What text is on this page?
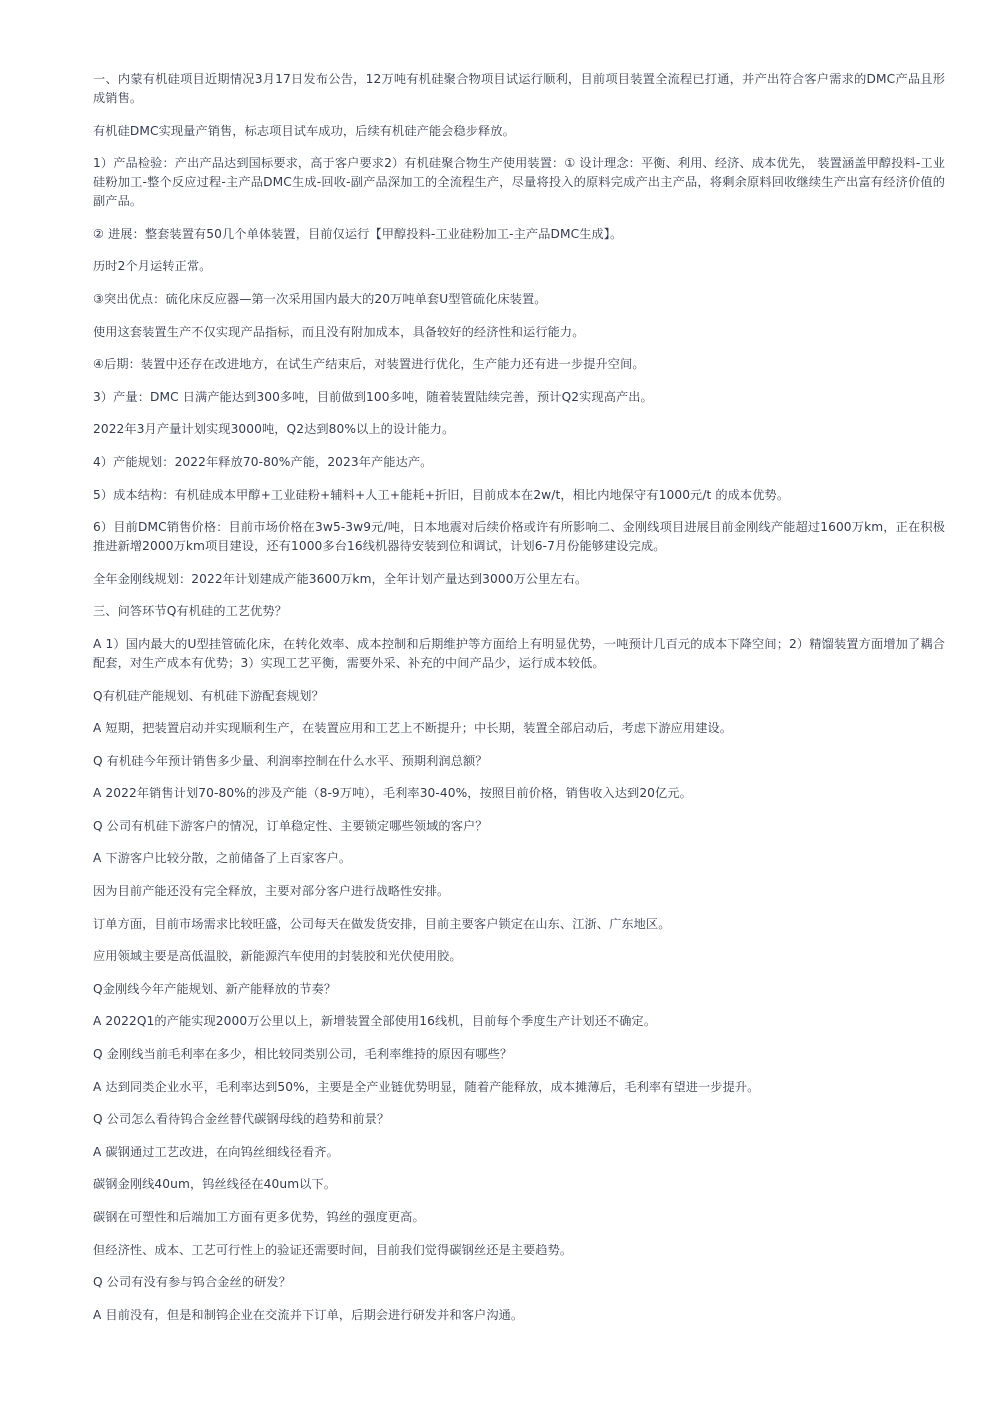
一、内蒙有机硅项目近期情况3月17日发布公告，12万吨有机硅聚合物项目试运行顺利，目前项目装置全流程已打通，并产出符合客户需求的DMC产品且形成销售。

有机硅DMC实现量产销售，标志项目试车成功，后续有机硅产能会稳步释放。

1）产品检验：产出产品达到国标要求，高于客户要求2）有机硅聚合物生产使用装置：① 设计理念：平衡、利用、经济、成本优先， 装置涵盖甲醇投料-工业硅粉加工-整个反应过程-主产品DMC生成-回收-副产品深加工的全流程生产，尽量将投入的原料完成产出主产品，将剩余原料回收继续生产出富有经济价值的副产品。

② 进展：整套装置有50几个单体装置，目前仅运行【甲醇投料-工业硅粉加工-主产品DMC生成】。

历时2个月运转正常。

③突出优点：硫化床反应器—第一次采用国内最大的20万吨单套U型管硫化床装置。

使用这套装置生产不仅实现产品指标，而且没有附加成本，具备较好的经济性和运行能力。

④后期：装置中还存在改进地方，在试生产结束后，对装置进行优化，生产能力还有进一步提升空间。

3）产量：DMC 日满产能达到300多吨，目前做到100多吨，随着装置陆续完善，预计Q2实现高产出。

2022年3月产量计划实现3000吨，Q2达到80%以上的设计能力。

4）产能规划：2022年释放70-80%产能，2023年产能达产。

5）成本结构：有机硅成本甲醇+工业硅粉+辅料+人工+能耗+折旧，目前成本在2w/t，相比内地保守有1000元/t 的成本优势。

6）目前DMC销售价格：目前市场价格在3w5-3w9元/吨，日本地震对后续价格或许有所影响二、金刚线项目进展目前金刚线产能超过1600万km，正在积极推进新增2000万km项目建设，还有1000多台16线机器待安装到位和调试，计划6-7月份能够建设完成。

全年金刚线规划：2022年计划建成产能3600万km，全年计划产量达到3000万公里左右。

三、问答环节Q有机硅的工艺优势？

A 1）国内最大的U型挂管硫化床，在转化效率、成本控制和后期维护等方面给上有明显优势，一吨预计几百元的成本下降空间；2）精馏装置方面增加了耦合配套，对生产成本有优势；3）实现工艺平衡，需要外采、补充的中间产品少，运行成本较低。

Q有机硅产能规划、有机硅下游配套规划？

A 短期，把装置启动并实现顺利生产，在装置应用和工艺上不断提升；中长期，装置全部启动后，考虑下游应用建设。

Q 有机硅今年预计销售多少量、利润率控制在什么水平、预期利润总额？

A 2022年销售计划70-80%的涉及产能（8-9万吨），毛利率30-40%，按照目前价格，销售收入达到20亿元。

Q 公司有机硅下游客户的情况，订单稳定性、主要锁定哪些领域的客户？

A 下游客户比较分散，之前储备了上百家客户。

因为目前产能还没有完全释放，主要对部分客户进行战略性安排。

订单方面，目前市场需求比较旺盛，公司每天在做发货安排，目前主要客户锁定在山东、江浙、广东地区。

应用领域主要是高低温胶，新能源汽车使用的封装胶和光伏使用胶。

Q金刚线今年产能规划、新产能释放的节奏？

A 2022Q1的产能实现2000万公里以上，新增装置全部使用16线机，目前每个季度生产计划还不确定。

Q 金刚线当前毛利率在多少，相比较同类别公司，毛利率维持的原因有哪些？

A 达到同类企业水平，毛利率达到50%，主要是全产业链优势明显，随着产能释放，成本摊薄后，毛利率有望进一步提升。

Q 公司怎么看待钨合金丝替代碳钢母线的趋势和前景？

A 碳钢通过工艺改进，在向钨丝细线径看齐。

碳钢金刚线40um，钨丝线径在40um以下。

碳钢在可塑性和后端加工方面有更多优势，钨丝的强度更高。

但经济性、成本、工艺可行性上的验证还需要时间，目前我们觉得碳钢丝还是主要趋势。

Q 公司有没有参与钨合金丝的研发？

A 目前没有，但是和制钨企业在交流并下订单，后期会进行研发并和客户沟通。
